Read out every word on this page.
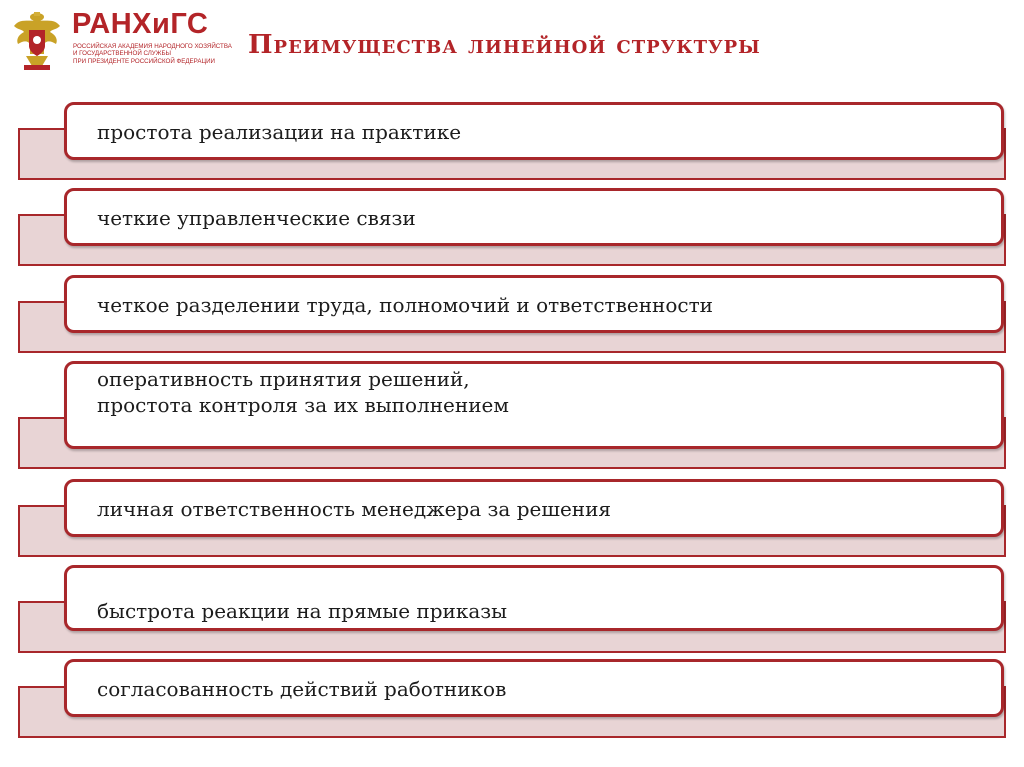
РАНХиГС
РОССИЙСКАЯ АКАДЕМИЯ НАРОДНОГО ХОЗЯЙСТВА
И ГОСУДАРСТВЕННОЙ СЛУЖБЫ
ПРИ ПРЕЗИДЕНТЕ РОССИЙСКОЙ ФЕДЕРАЦИИ
Преимущества линейной структуры
простота реализации на практике
четкие управленческие связи
четкое разделении труда, полномочий и ответственности
оперативность принятия решений,
простота контроля за их выполнением
личная ответственность менеджера за решения
быстрота реакции на прямые приказы
согласованность действий работников
